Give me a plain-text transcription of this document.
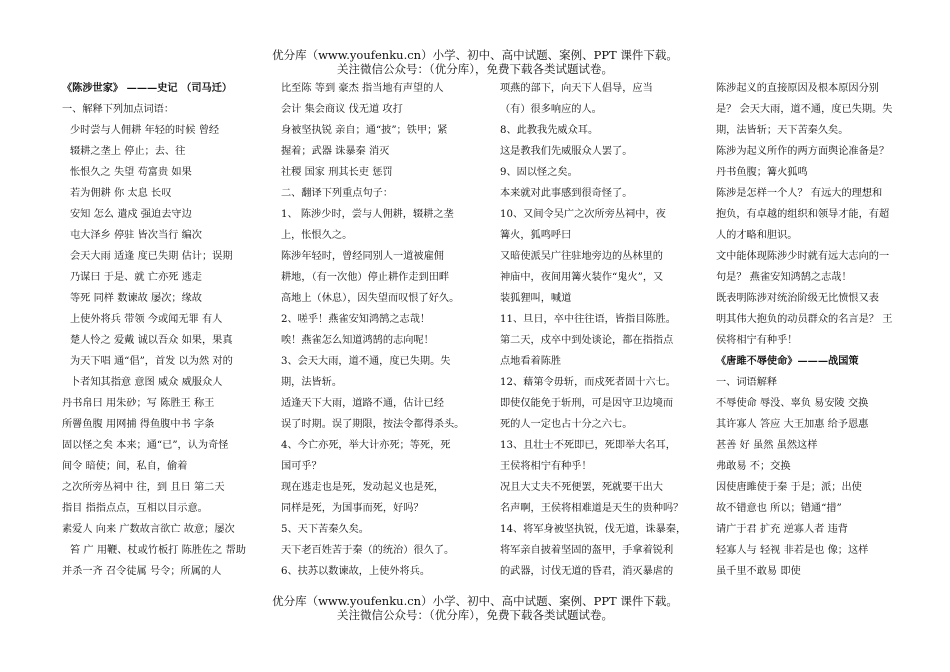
优分库（www.youfenku.cn）小学、初中、高中试题、案例、PPT 课件下载。
关注微信公众号：（优分库），免费下载各类试题试卷。
《陈涉世家》 ———史记 （司马迁）
一、解释下列加点词语：
少时尝与人佣耕 年轻的时候 曾经
辍耕之垄上 停止；去、往
怅恨久之 失望 苟富贵 如果
若为佣耕 你 太息 长叹
安知 怎么 遣戍 强迫去守边
屯大泽乡 停驻 皆次当行 编次
会天大雨 适逢 度已失期 估计；误期
乃谋曰 于是、就 亡亦死 逃走
等死 同样 数谏故 屡次；缘故
上使外将兵 带领 今或闻无罪 有人
楚人怜之 爱戴 诚以吾众 如果，果真
为天下唱 通“倡”，首发 以为然 对的
卜者知其指意 意图 威众 威服众人
丹书帛曰 用朱砂；写 陈胜王 称王
所罾鱼腹 用网捕 得鱼腹中书 字条
固以怪之矣 本来；通“已”，认为奇怪
间令 暗使；间，私自，偷着
之次所旁丛祠中 往，到 且日 第二天
指目 指指点点，互相以目示意。
素爱人 向来 广数故言欲亡 故意；屡次
笞 广 用鞭、杖或竹板打 陈胜佐之 帮助
并杀一齐 召令徒属 号令；所属的人
比至陈 等到 豪杰 指当地有声望的人
会计 集会商议 伐无道 攻打
身被坚执锐 亲自；通“披”；铁甲；紧
握着；武器 诛暴秦 消灭
社稷 国家 刑其长吏 惩罚
二、翻译下列重点句子：
1、 陈涉少时，尝与人佣耕，辍耕之垄
上，怅恨久之。
陈涉年轻时，曾经同别人一道被雇佣
耕地，（有一次他）停止耕作走到田畔
高地上（休息），因失望而叹恨了好久。
2、嗟乎！燕雀安知鸿鹄之志哉！
唉！燕雀怎么知道鸿鹄的志向呢！
3、会天大雨，道不通，度已失期。失
期，法皆斩。
适逢天下大雨，道路不通，估计已经
误了时期。误了期限，按法令都得杀头。
4、今亡亦死，举大计亦死；等死，死
国可乎？
现在逃走也是死，发动起义也是死，
同样是死，为国事而死，好吗？
5、天下苦秦久矣。
天下老百姓苦于秦（的统治）很久了。
6、扶苏以数谏故，上使外将兵。
项燕的部下，向天下人倡导，应当
（有）很多响应的人。
8、此教我先威众耳。
这是教我们先威服众人罢了。
9、固以怪之矣。
本来就对此事感到很奇怪了。
10、又间令吴广之次所旁丛祠中，夜
篝火，狐鸣呼曰
又暗使派吴广往驻地旁边的丛林里的
神庙中，夜间用篝火装作“鬼火”，又
装狐狸叫，喊道
11、旦日，卒中往往语，皆指目陈胜。
第二天，戍卒中到处谈论，都在指指点
点地看着陈胜
12、藉第令毋斩，而戍死者固十六七。
即使仅能免于斩刑，可是因守卫边境而
死的人一定也占十分之六七。
13、且壮士不死即已，死即举大名耳，
王侯将相宁有种乎！
况且大丈夫不死便罢，死就要干出大
名声啊，王侯将相难道是天生的贵种吗？
14、将军身被坚执锐，伐无道，诛暴秦，
将军亲自披着坚固的盔甲，手拿着锐利
的武器，讨伐无道的昏君，消灭暴虐的
陈涉起义的直接原因及根本原因分别
是？ 会天大雨，道不通，度已失期。失
期，法皆斩；天下苦秦久矣。
陈涉为起义所作的两方面舆论准备是？
丹书鱼腹；篝火狐鸣
陈涉是怎样一个人？ 有远大的理想和
抱负，有卓越的组织和领导才能，有超
人的才略和胆识。
文中能体现陈涉少时就有远大志向的一
句是？ 燕雀安知鸿鹄之志哉！
既表明陈涉对统治阶级无比愤恨又表
明其伟大抱负的动员群众的名言是？ 王
侯将相宁有种乎！
《唐雎不辱使命》———战国策
一、词语解释
不辱使命 辱没、辜负 易安陵 交换
其许寡人 答应 大王加惠 给予恩惠
甚善 好 虽然 虽然这样
弗敢易 不；交换
因使唐雎使于秦 于是；派；出使
故不错意也 所以；错通“措”
请广于君 扩充 逆寡人者 违背
轻寡人与 轻视 非若是也 像；这样
虽千里不敢易 即使
优分库（www.youfenku.cn）小学、初中、高中试题、案例、PPT 课件下载。
关注微信公众号：（优分库），免费下载各类试题试卷。
